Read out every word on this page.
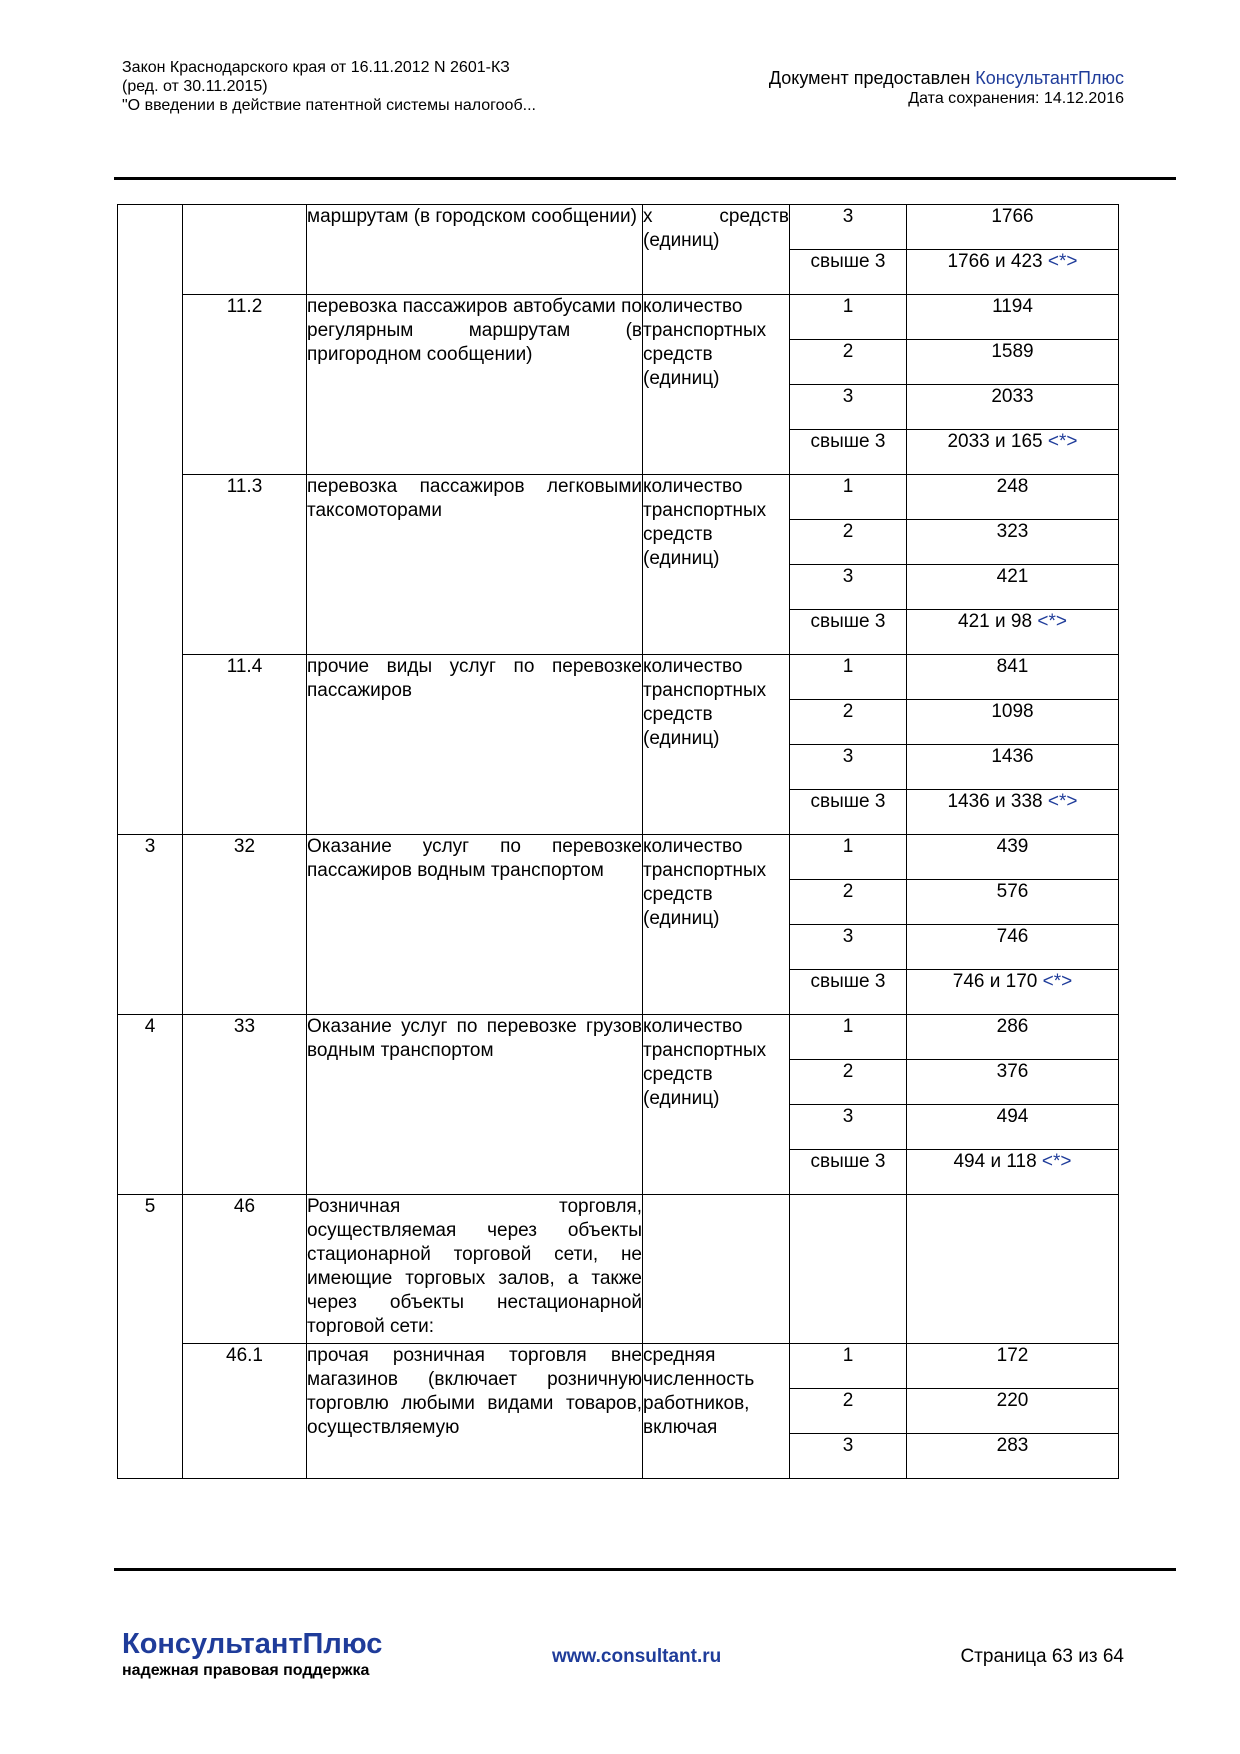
Закон Краснодарского края от 16.11.2012 N 2601-КЗ
(ред. от 30.11.2015)
"О введении в действие патентной системы налогооб...
Документ предоставлен КонсультантПлюс
Дата сохранения: 14.12.2016

		маршрутам (в городском сообщении)	х средств (единиц)	3	1766

				свыше 3	1766 и 423 <*>

	11.2	перевозка пассажиров автобусами по регулярным маршрутам (в пригородном сообщении)	количество транспортных средств (единиц)	1	1194

				2	1589

				3	2033

				свыше 3	2033 и 165 <*>

	11.3	перевозка пассажиров легковыми таксомоторами	количество транспортных средств (единиц)	1	248

				2	323

				3	421

				свыше 3	421 и 98 <*>

	11.4	прочие виды услуг по перевозке пассажиров	количество транспортных средств (единиц)	1	841

				2	1098

				3	1436

				свыше 3	1436 и 338 <*>

3	32	Оказание услуг по перевозке пассажиров водным транспортом	количество транспортных средств (единиц)	1	439

				2	576

				3	746

				свыше 3	746 и 170 <*>

4	33	Оказание услуг по перевозке грузов водным транспортом	количество транспортных средств (единиц)	1	286

				2	376

				3	494

				свыше 3	494 и 118 <*>

5	46	Розничная торговля, осуществляемая через объекты стационарной торговой сети, не имеющие торговых залов, а также через объекты нестационарной торговой сети:			

	46.1	прочая розничная торговля вне магазинов (включает розничную торговлю любыми видами товаров, осуществляемую	средняя численность работников, включая	1	172

				2	220

				3	283
КонсультантПлюс
надежная правовая поддержка
www.consultant.ru	Страница 63 из 64
